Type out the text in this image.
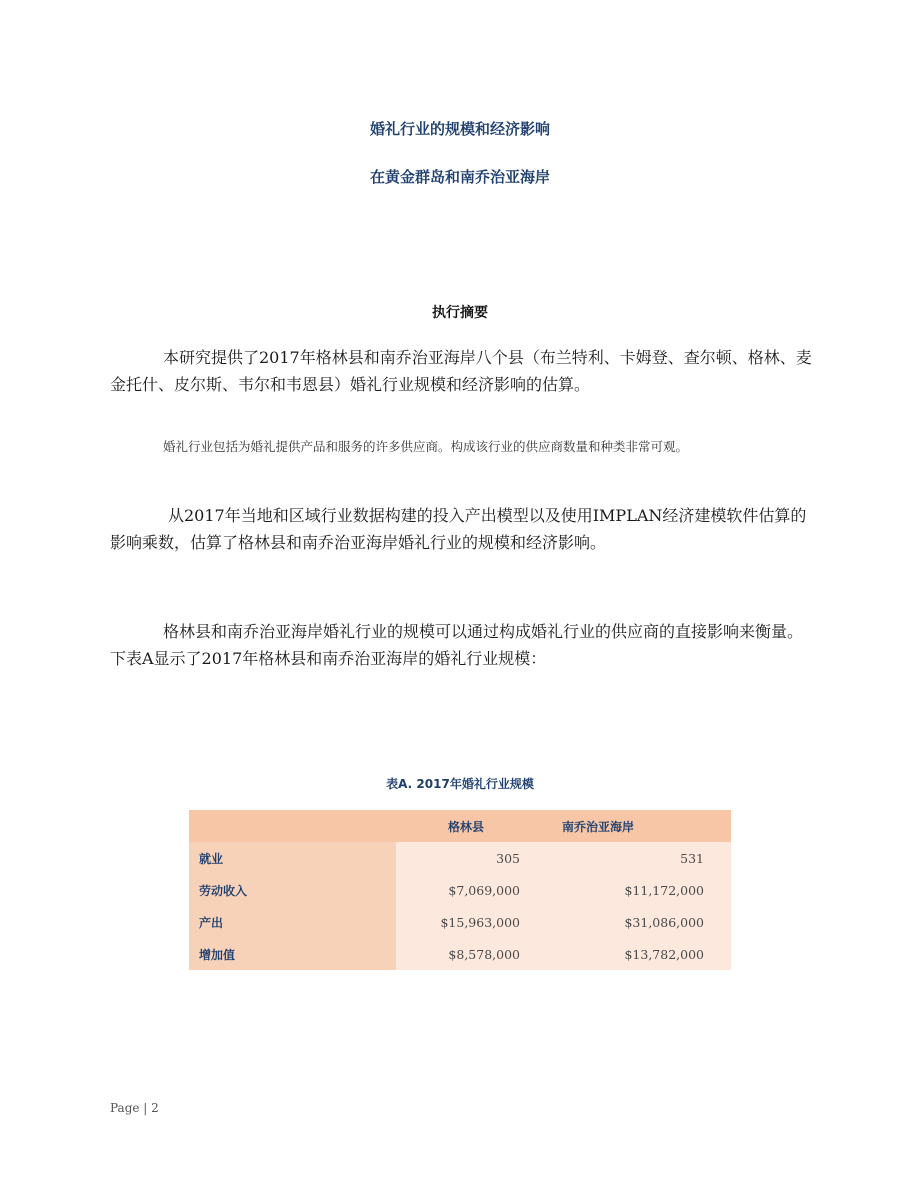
婚礼行业的规模和经济影响
在黄金群岛和南乔治亚海岸
执行摘要
本研究提供了2017年格林县和南乔治亚海岸八个县（布兰特利、卡姆登、查尔顿、格林、麦金托什、皮尔斯、韦尔和韦恩县）婚礼行业规模和经济影响的估算。
婚礼行业包括为婚礼提供产品和服务的许多供应商。构成该行业的供应商数量和种类非常可观。
从2017年当地和区域行业数据构建的投入产出模型以及使用IMPLAN经济建模软件估算的影响乘数，估算了格林县和南乔治亚海岸婚礼行业的规模和经济影响。
格林县和南乔治亚海岸婚礼行业的规模可以通过构成婚礼行业的供应商的直接影响来衡量。下表A显示了2017年格林县和南乔治亚海岸的婚礼行业规模：
表A. 2017年婚礼行业规模
	格林县	南乔治亚海岸
就业	305	531
劳动收入	$7,069,000	$11,172,000
产出	$15,963,000	$31,086,000
增加值	$8,578,000	$13,782,000
Page | 2
